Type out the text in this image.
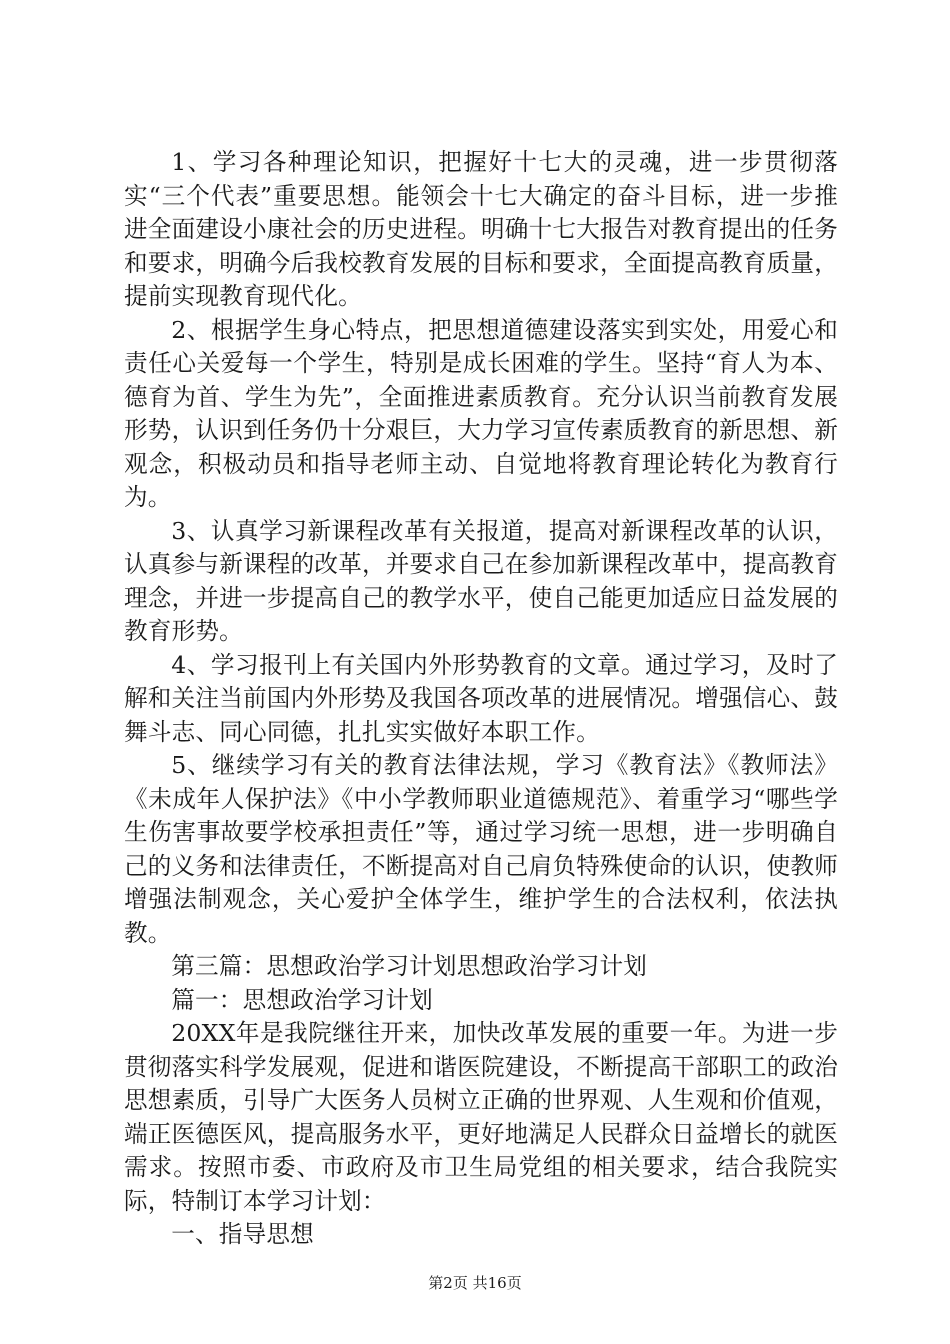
1、学习各种理论知识，把握好十七大的灵魂，进一步贯彻落实“三个代表”重要思想。能领会十七大确定的奋斗目标，进一步推进全面建设小康社会的历史进程。明确十七大报告对教育提出的任务和要求，明确今后我校教育发展的目标和要求，全面提高教育质量，提前实现教育现代化。

2、根据学生身心特点，把思想道德建设落实到实处，用爱心和责任心关爱每一个学生，特别是成长困难的学生。坚持“育人为本、德育为首、学生为先”，全面推进素质教育。充分认识当前教育发展形势，认识到任务仍十分艰巨，大力学习宣传素质教育的新思想、新观念，积极动员和指导老师主动、自觉地将教育理论转化为教育行为。

3、认真学习新课程改革有关报道，提高对新课程改革的认识，认真参与新课程的改革，并要求自己在参加新课程改革中，提高教育理念，并进一步提高自己的教学水平，使自己能更加适应日益发展的教育形势。

4、学习报刊上有关国内外形势教育的文章。通过学习，及时了解和关注当前国内外形势及我国各项改革的进展情况。增强信心、鼓舞斗志、同心同德，扎扎实实做好本职工作。

5、继续学习有关的教育法律法规，学习《教育法》《教师法》《未成年人保护法》《中小学教师职业道德规范》、着重学习“哪些学生伤害事故要学校承担责任”等，通过学习统一思想，进一步明确自己的义务和法律责任，不断提高对自己肩负特殊使命的认识，使教师增强法制观念，关心爱护全体学生，维护学生的合法权利，依法执教。

第三篇：思想政治学习计划思想政治学习计划

篇一：思想政治学习计划

20XX年是我院继往开来，加快改革发展的重要一年。为进一步贯彻落实科学发展观，促进和谐医院建设，不断提高干部职工的政治思想素质，引导广大医务人员树立正确的世界观、人生观和价值观，端正医德医风，提高服务水平，更好地满足人民群众日益增长的就医需求。按照市委、市政府及市卫生局党组的相关要求，结合我院实际，特制订本学习计划：

一、指导思想

第2页 共16页
